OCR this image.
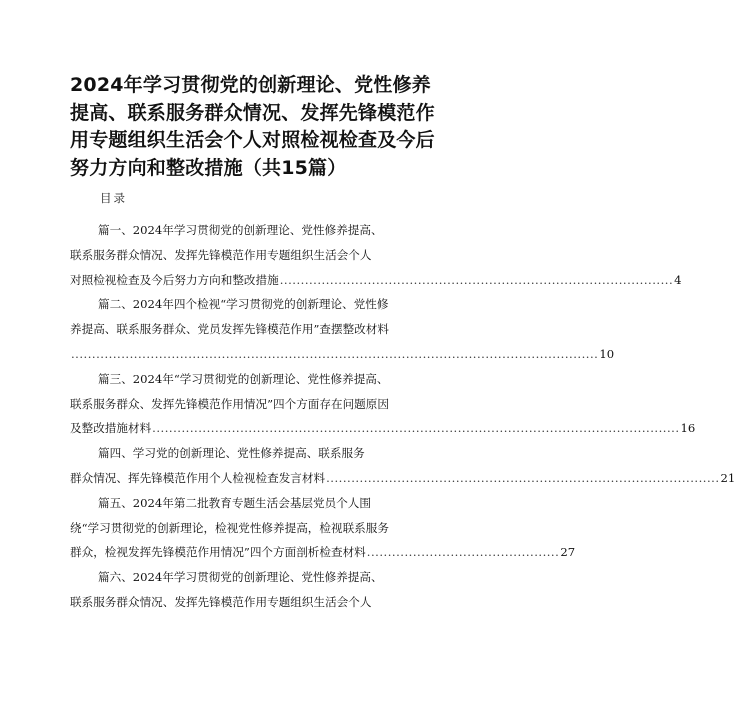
2024年学习贯彻党的创新理论、党性修养提高、联系服务群众情况、发挥先锋模范作用专题组织生活会个人对照检视检查及今后努力方向和整改措施（共15篇）
目录
篇一、2024年学习贯彻党的创新理论、党性修养提高、
联系服务群众情况、发挥先锋模范作用专题组织生活会个人
对照检视检查及今后努力方向和整改措施 .............................................................................................. 4
篇二、2024年四个检视“学习贯彻党的创新理论、党性修
养提高、联系服务群众、党员发挥先锋模范作用”查摆整改材料
.............................................................................................................................. 10
篇三、2024年“学习贯彻党的创新理论、党性修养提高、
联系服务群众、发挥先锋模范作用情况”四个方面存在问题原因
及整改措施材料 .............................................................................................................................. 16
篇四、学习党的创新理论、党性修养提高、联系服务
群众情况、挥先锋模范作用个人检视检查发言材料 .............................................................................................. 21
篇五、2024年第二批教育专题生活会基层党员个人围
绕“学习贯彻党的创新理论，检视党性修养提高，检视联系服务
群众，检视发挥先锋模范作用情况”四个方面剖析检查材料 .............................................. 27
篇六、2024年学习贯彻党的创新理论、党性修养提高、
联系服务群众情况、发挥先锋模范作用专题组织生活会个人
